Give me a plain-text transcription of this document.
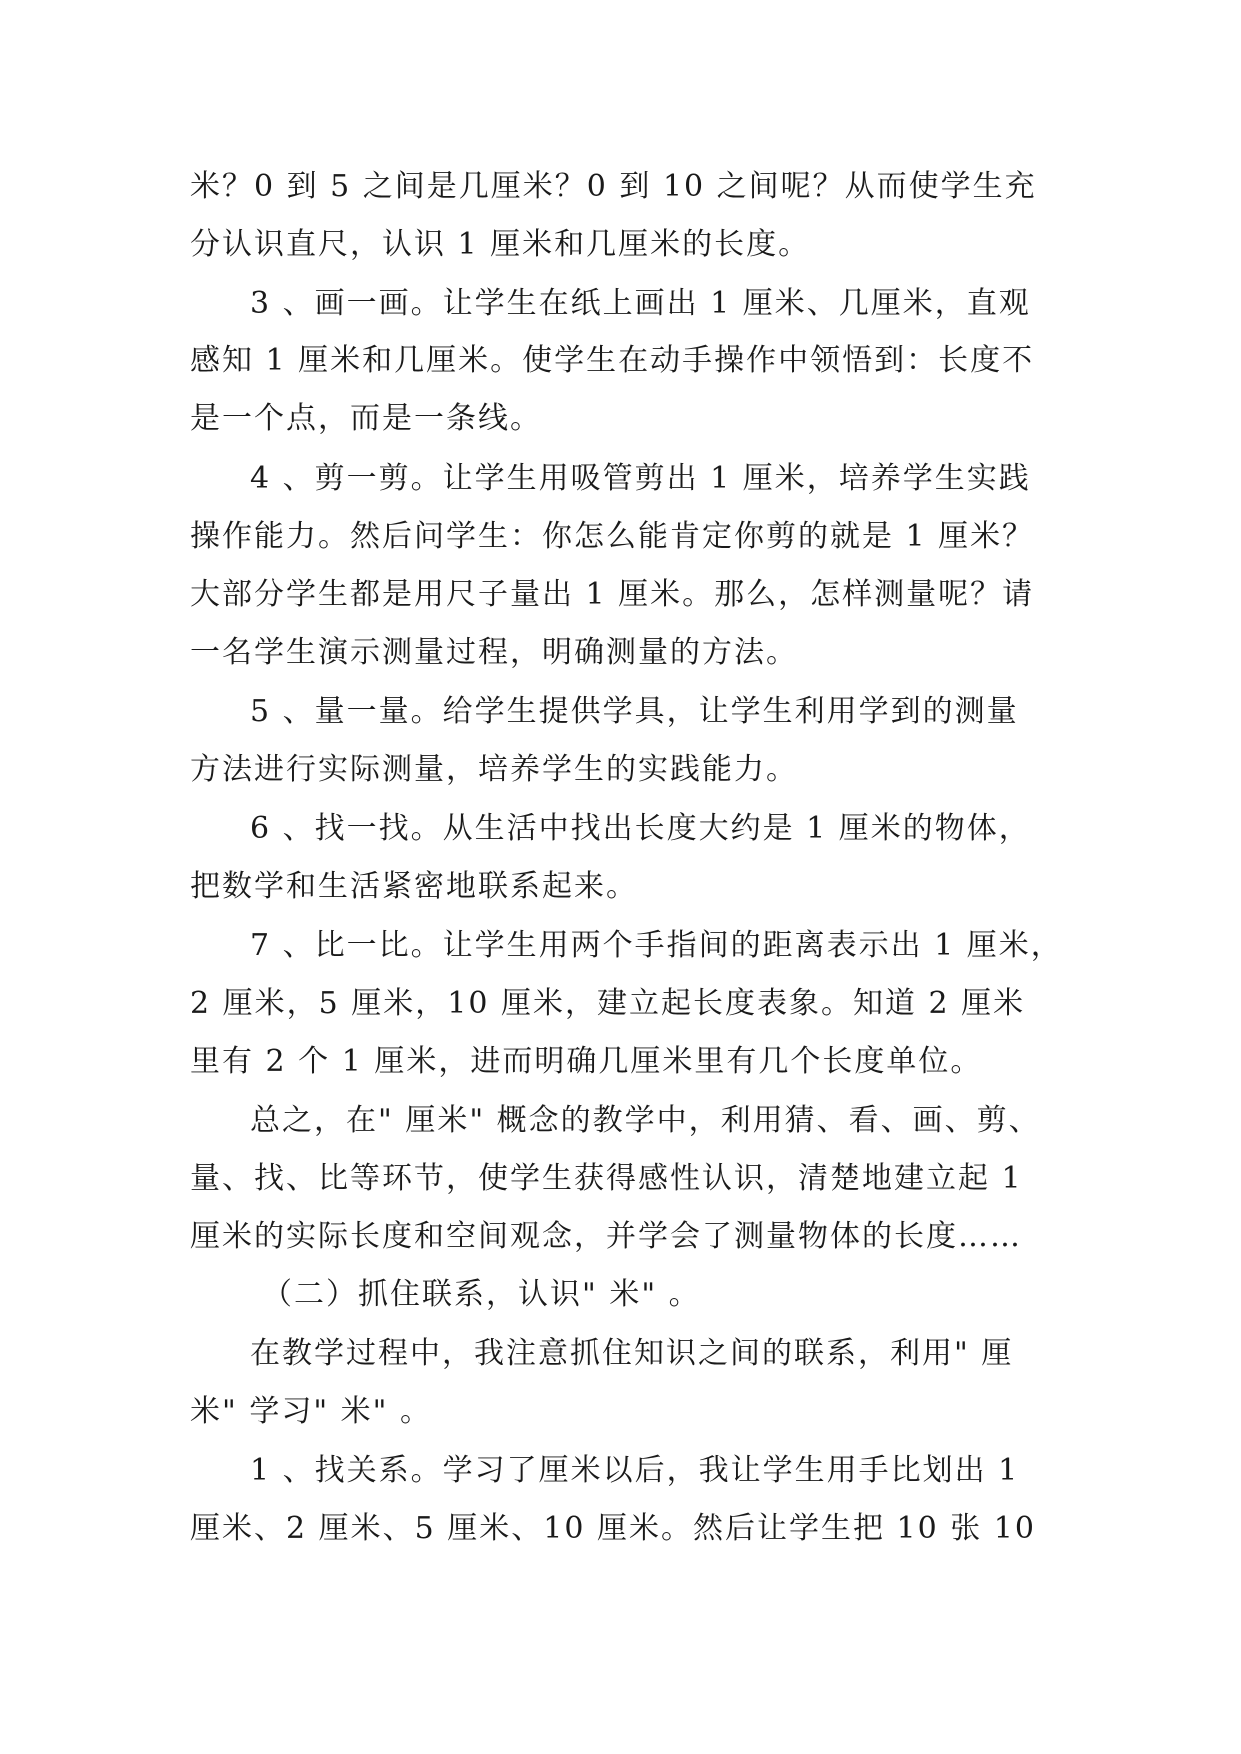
米？0 到 5 之间是几厘米？0 到 10 之间呢？从而使学生充
分认识直尺，认识 1 厘米和几厘米的长度。
3 、画一画。让学生在纸上画出 1 厘米、几厘米，直观
感知 1 厘米和几厘米。使学生在动手操作中领悟到：长度不
是一个点，而是一条线。
4 、剪一剪。让学生用吸管剪出 1 厘米，培养学生实践
操作能力。然后问学生：你怎么能肯定你剪的就是 1 厘米？
大部分学生都是用尺子量出 1 厘米。那么，怎样测量呢？请
一名学生演示测量过程，明确测量的方法。
5 、量一量。给学生提供学具，让学生利用学到的测量
方法进行实际测量，培养学生的实践能力。
6 、找一找。从生活中找出长度大约是 1 厘米的物体，
把数学和生活紧密地联系起来。
7 、比一比。让学生用两个手指间的距离表示出 1 厘米，
2 厘米，5 厘米，10 厘米，建立起长度表象。知道 2 厘米
里有 2 个 1 厘米，进而明确几厘米里有几个长度单位。
总之，在" 厘米" 概念的教学中，利用猜、看、画、剪、
量、找、比等环节，使学生获得感性认识，清楚地建立起 1
厘米的实际长度和空间观念，并学会了测量物体的长度……
（二）抓住联系，认识" 米" 。
在教学过程中，我注意抓住知识之间的联系，利用" 厘
米" 学习" 米" 。
1 、找关系。学习了厘米以后，我让学生用手比划出 1
厘米、2 厘米、5 厘米、10 厘米。然后让学生把 10 张 10
